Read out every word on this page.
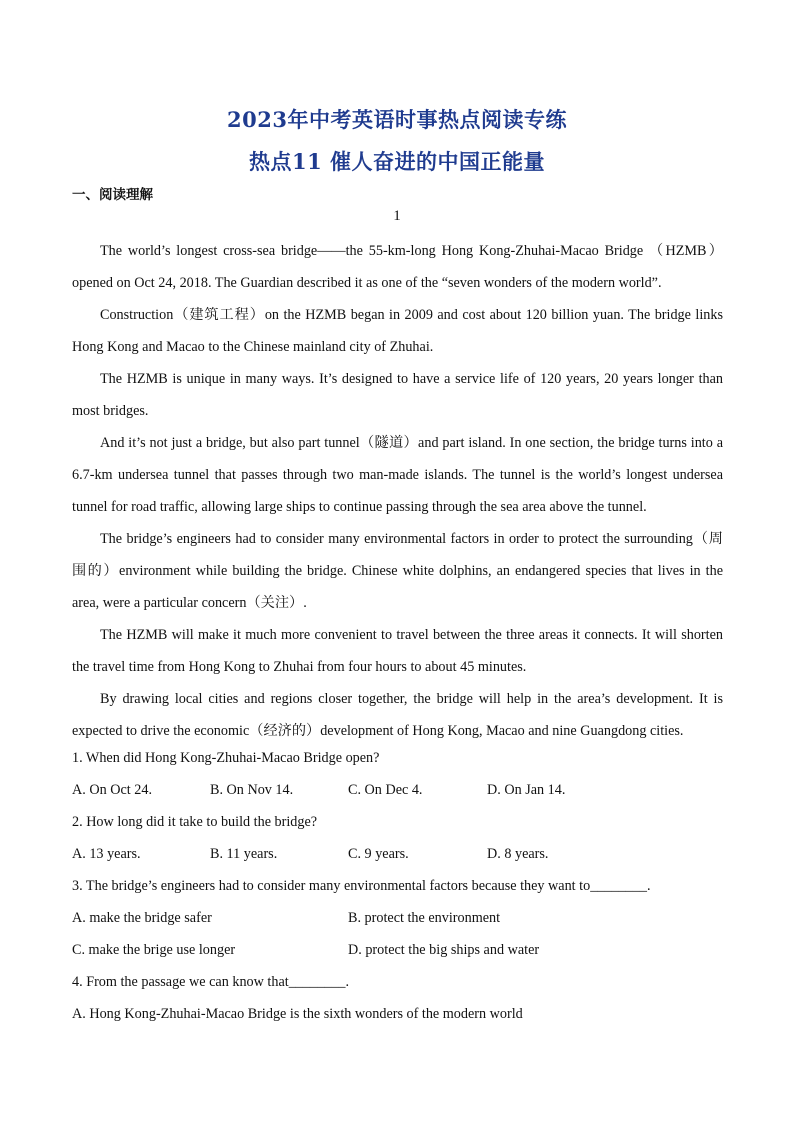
2023年中考英语时事热点阅读专练
热点11 催人奋进的中国正能量
一、阅读理解
1

The world’s longest cross-sea bridge——the 55-km-long Hong Kong-Zhuhai-Macao Bridge （HZMB） opened on Oct 24, 2018. The Guardian described it as one of the “seven wonders of the modern world”.

Construction（建筑工程）on the HZMB began in 2009 and cost about 120 billion yuan. The bridge links Hong Kong and Macao to the Chinese mainland city of Zhuhai.

The HZMB is unique in many ways. It’s designed to have a service life of 120 years, 20 years longer than most bridges.

And it’s not just a bridge, but also part tunnel（隧道）and part island. In one section, the bridge turns into a 6.7-km undersea tunnel that passes through two man-made islands. The tunnel is the world’s longest undersea tunnel for road traffic, allowing large ships to continue passing through the sea area above the tunnel.

The bridge’s engineers had to consider many environmental factors in order to protect the surrounding（周围的）environment while building the bridge. Chinese white dolphins, an endangered species that lives in the area, were a particular concern（关注）.

The HZMB will make it much more convenient to travel between the three areas it connects. It will shorten the travel time from Hong Kong to Zhuhai from four hours to about 45 minutes.

By drawing local cities and regions closer together, the bridge will help in the area’s development. It is expected to drive the economic（经济的）development of Hong Kong, Macao and nine Guangdong cities.

1. When did Hong Kong-Zhuhai-Macao Bridge open?
A. On Oct 24.	B. On Nov 14.	C. On Dec 4.	D. On Jan 14.
2. How long did it take to build the bridge?
A. 13 years.	B. 11 years.	C. 9 years.	D. 8 years.
3. The bridge’s engineers had to consider many environmental factors because they want to________.
A. make the bridge safer	B. protect the environment
C. make the brige use longer	D. protect the big ships and water
4. From the passage we can know that________.
A. Hong Kong-Zhuhai-Macao Bridge is the sixth wonders of the modern world
